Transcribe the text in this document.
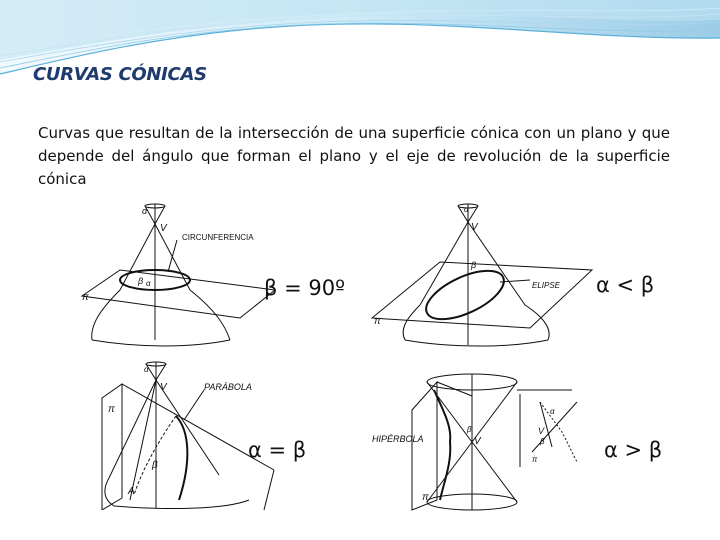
CURVAS CÓNICAS
Curvas que resultan de la intersección de una superficie cónica con un plano y que depende del ángulo que forman el plano y el eje de revolución de la superficie cónica
α
V
CIRCUNFERENCIA
β α
π	β = 90º
α
V
β
ELIPSE
π
α < β
α
V	PARÁBOLA
π
β
A
α = β	HIPÉRBOLA	V
β
π
α
V
β
π	α > β
